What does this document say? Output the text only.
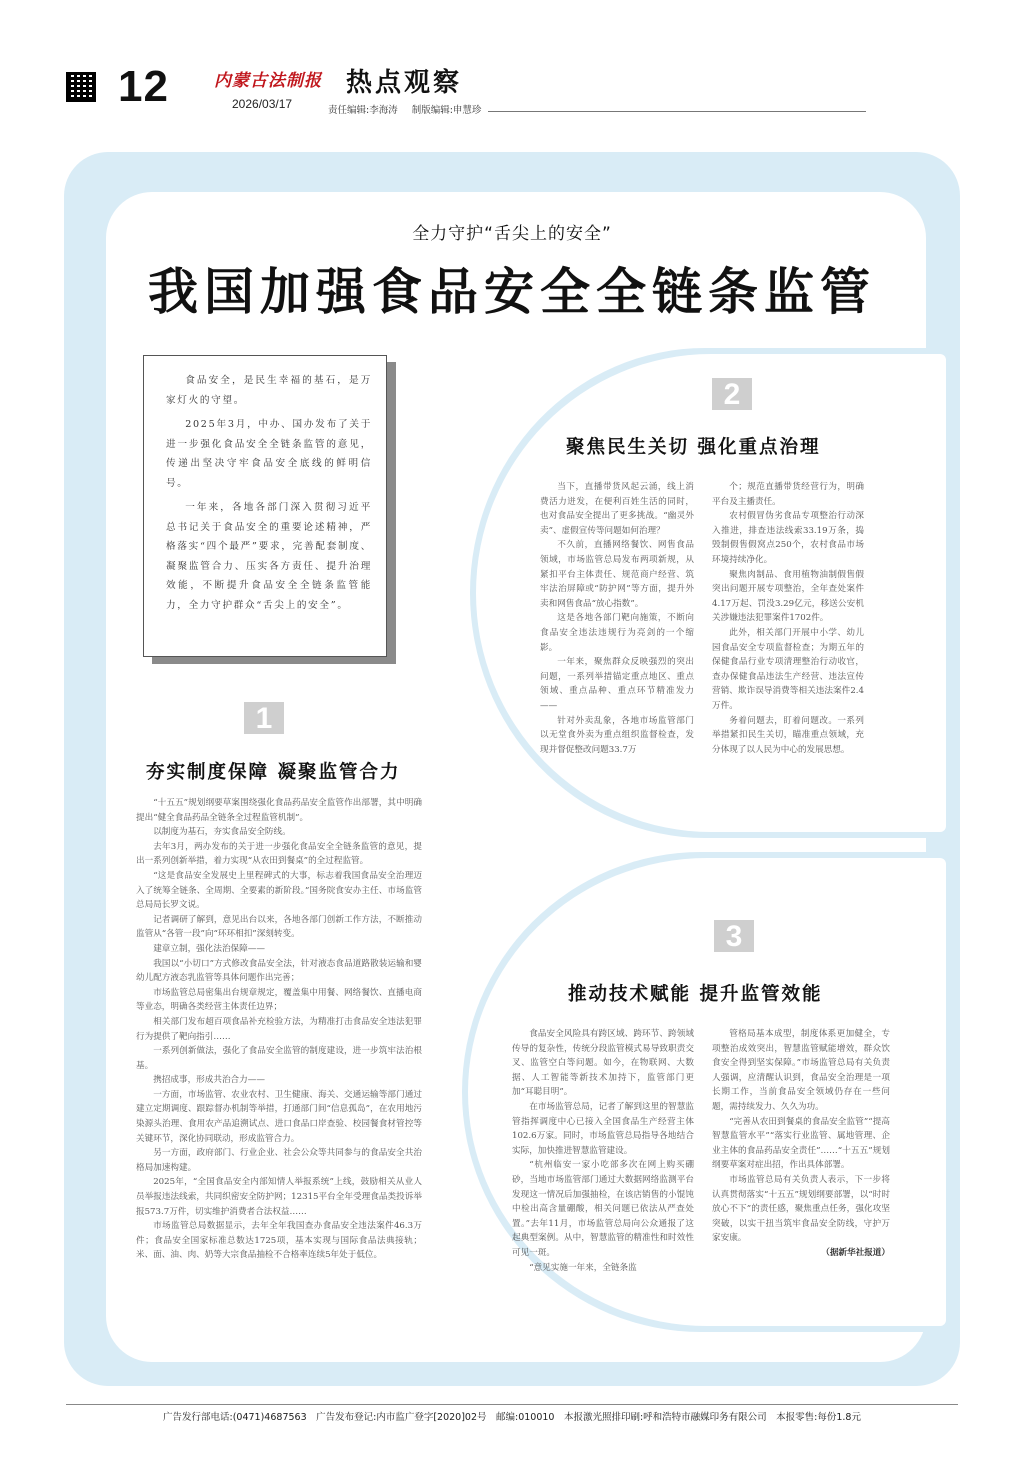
12	内蒙古法制报
2026/03/17
热点观察
责任编辑:李海涛 制版编辑:申慧珍
全力守护“舌尖上的安全”
我国加强食品安全全链条监管

食品安全，是民生幸福的基石，是万家灯火的守望。

2025年3月，中办、国办发布了关于进一步强化食品安全全链条监管的意见，传递出坚决守牢食品安全底线的鲜明信号。

一年来，各地各部门深入贯彻习近平总书记关于食品安全的重要论述精神，严格落实“四个最严”要求，完善配套制度、凝聚监管合力、压实各方责任、提升治理效能，不断提升食品安全全链条监管能力，全力守护群众“舌尖上的安全”。

1
夯实制度保障 凝聚监管合力

“十五五”规划纲要草案围绕强化食品药品安全监管作出部署，其中明确提出“健全食品药品全链条全过程监管机制”。

以制度为基石，夯实食品安全防线。

去年3月，两办发布的关于进一步强化食品安全全链条监管的意见，提出一系列创新举措，着力实现“从农田到餐桌”的全过程监管。

“这是食品安全发展史上里程碑式的大事，标志着我国食品安全治理迈入了统筹全链条、全周期、全要素的新阶段。”国务院食安办主任、市场监管总局局长罗文说。

记者调研了解到，意见出台以来，各地各部门创新工作方法，不断推动监管从“各管一段”向“环环相扣”深刻转变。

建章立制，强化法治保障——

我国以“小切口”方式修改食品安全法，针对液态食品道路散装运输和婴幼儿配方液态乳监管等具体问题作出完善；

市场监管总局密集出台规章规定，覆盖集中用餐、网络餐饮、直播电商等业态，明确各类经营主体责任边界；

相关部门发布超百项食品补充检验方法，为精准打击食品安全违法犯罪行为提供了靶向指引……

一系列创新做法，强化了食品安全监管的制度建设，进一步筑牢法治根基。

携招成事，形成共治合力——

一方面，市场监管、农业农村、卫生健康、海关、交通运输等部门通过建立定期调度、跟踪督办机制等举措，打通部门间“信息孤岛”，在农用地污染源头治理、食用农产品追溯试点、进口食品口岸查验、校园餐食材管控等关键环节，深化协同联动，形成监管合力。

另一方面，政府部门、行业企业、社会公众等共同参与的食品安全共治格局加速构建。

2025年，“全国食品安全内部知情人举报系统”上线，鼓励相关从业人员举报违法线索，共同织密安全防护网；12315平台全年受理食品类投诉举报573.7万件，切实维护消费者合法权益……

市场监管总局数据显示，去年全年我国查办食品安全违法案件46.3万件；食品安全国家标准总数达1725项，基本实现与国际食品法典接轨；米、面、油、肉、奶等大宗食品抽检不合格率连续5年处于低位。

2
聚焦民生关切 强化重点治理

当下，直播带货风起云涌，线上消费活力迸发，在便利百姓生活的同时，也对食品安全提出了更多挑战。“幽灵外卖”、虚假宣传等问题如何治理？

不久前，直播网络餐饮、网售食品领域，市场监管总局发布两项新规，从紧扣平台主体责任、规范商户经营、筑牢法治屏障或“防护网”等方面，提升外卖和网售食品“放心指数”。

这是各地各部门靶向施策，不断向食品安全违法违规行为亮剑的一个缩影。

一年来，聚焦群众反映强烈的突出问题，一系列举措锚定重点地区、重点领域、重点品种、重点环节精准发力——

针对外卖乱象，各地市场监管部门以无堂食外卖为重点组织监督检查，发现并督促整改问题33.7万

个；规范直播带货经营行为，明确平台及主播责任。

农村假冒伪劣食品专项整治行动深入推进，排查违法线索33.19万条，捣毁制假售假窝点250个，农村食品市场环境持续净化。

聚焦肉制品、食用植物油制假售假突出问题开展专项整治，全年查处案件4.17万起、罚没3.29亿元，移送公安机关涉嫌违法犯罪案件1702件。

此外，相关部门开展中小学、幼儿园食品安全专项监督检查；为期五年的保健食品行业专项清理整治行动收官，查办保健食品违法生产经营、违法宣传营销、欺诈误导消费等相关违法案件2.4万件。

务着问题去，盯着问题改。一系列举措紧扣民生关切，瞄准重点领域，充分体现了以人民为中心的发展思想。

3
推动技术赋能 提升监管效能

食品安全风险具有跨区域、跨环节、跨领域传导的复杂性，传统分段监管模式易导致职责交叉、监管空白等问题。如今，在物联网、大数据、人工智能等新技术加持下，监管部门更加“耳聪目明”。

在市场监管总局，记者了解到这里的智慧监管指挥调度中心已接入全国食品生产经营主体102.6万家。同时，市场监管总局指导各地结合实际，加快推进智慧监管建设。

“杭州临安一家小吃部多次在网上购买硼砂，当地市场监管部门通过大数据网络监测平台发现这一情况后加强抽检，在该店销售的小馄饨中检出高含量硼酸，相关问题已依法从严查处置。”去年11月，市场监管总局向公众通报了这起典型案例。从中，智慧监管的精准性和时效性可见一斑。

“意见实施一年来，全链条监

管格局基本成型，制度体系更加健全，专项整治成效突出，智慧监管赋能增效，群众饮食安全得到坚实保障。”市场监管总局有关负责人强调，应清醒认识到，食品安全治理是一项长期工作，当前食品安全领域仍存在一些问题，需持续发力、久久为功。

“完善从农田到餐桌的食品安全监管”“提高智慧监管水平”“落实行业监管、属地管理、企业主体的食品药品安全责任”……“十五五”规划纲要草案对症出招，作出具体部署。

市场监管总局有关负责人表示，下一步将认真贯彻落实“十五五”规划纲要部署，以“时时放心不下”的责任感，聚焦重点任务，强化攻坚突破，以实干扭当筑牢食品安全防线，守护万家安康。

（据新华社报道）

广告发行部电话:(0471)4687563　广告发布登记:内市监广登字[2020]02号　邮编:010010　本报激光照排印刷:呼和浩特市融媒印务有限公司　本报零售:每份1.8元
